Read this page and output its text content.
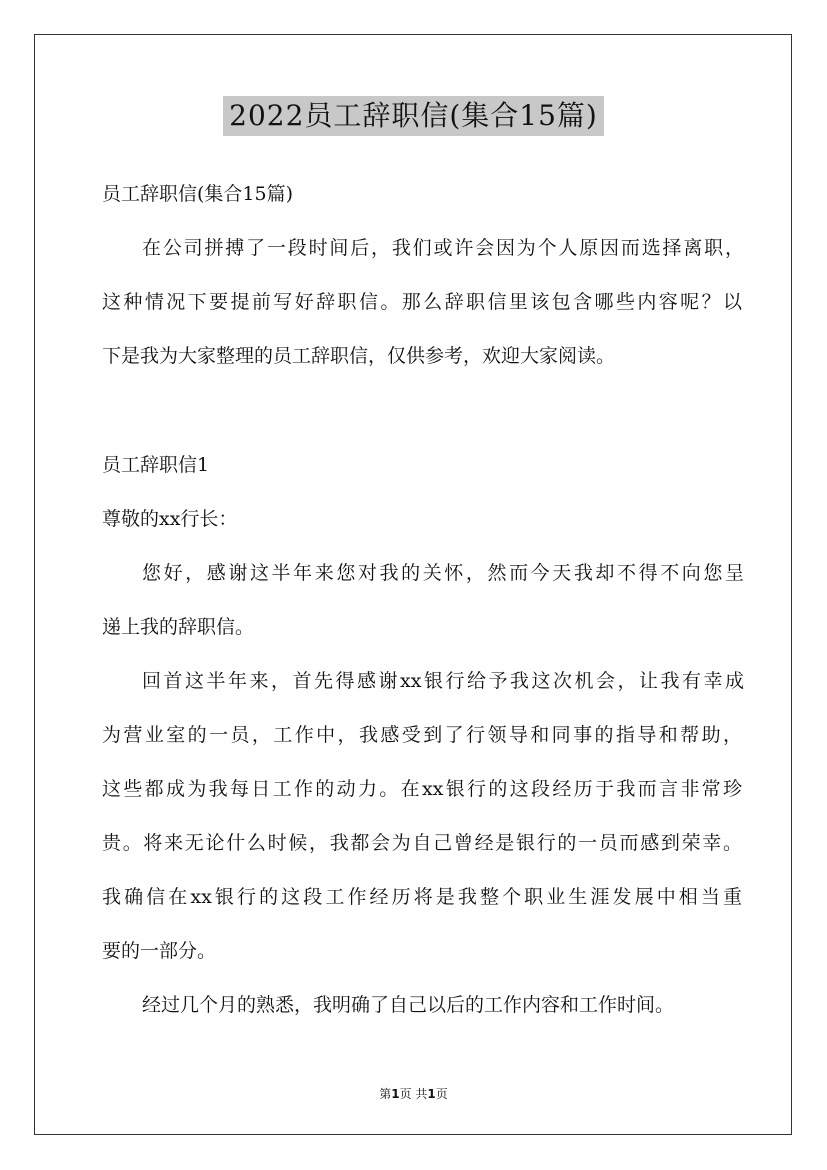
2022员工辞职信(集合15篇)
员工辞职信(集合15篇)
在公司拼搏了一段时间后，我们或许会因为个人原因而选择离职，
这种情况下要提前写好辞职信。那么辞职信里该包含哪些内容呢？以
下是我为大家整理的员工辞职信，仅供参考，欢迎大家阅读。
员工辞职信1
尊敬的xx行长：
您好，感谢这半年来您对我的关怀，然而今天我却不得不向您呈
递上我的辞职信。
回首这半年来，首先得感谢xx银行给予我这次机会，让我有幸成
为营业室的一员，工作中，我感受到了行领导和同事的指导和帮助，
这些都成为我每日工作的动力。在xx银行的这段经历于我而言非常珍
贵。将来无论什么时候，我都会为自己曾经是银行的一员而感到荣幸。
我确信在xx银行的这段工作经历将是我整个职业生涯发展中相当重
要的一部分。
经过几个月的熟悉，我明确了自己以后的工作内容和工作时间。
第1页 共1页
